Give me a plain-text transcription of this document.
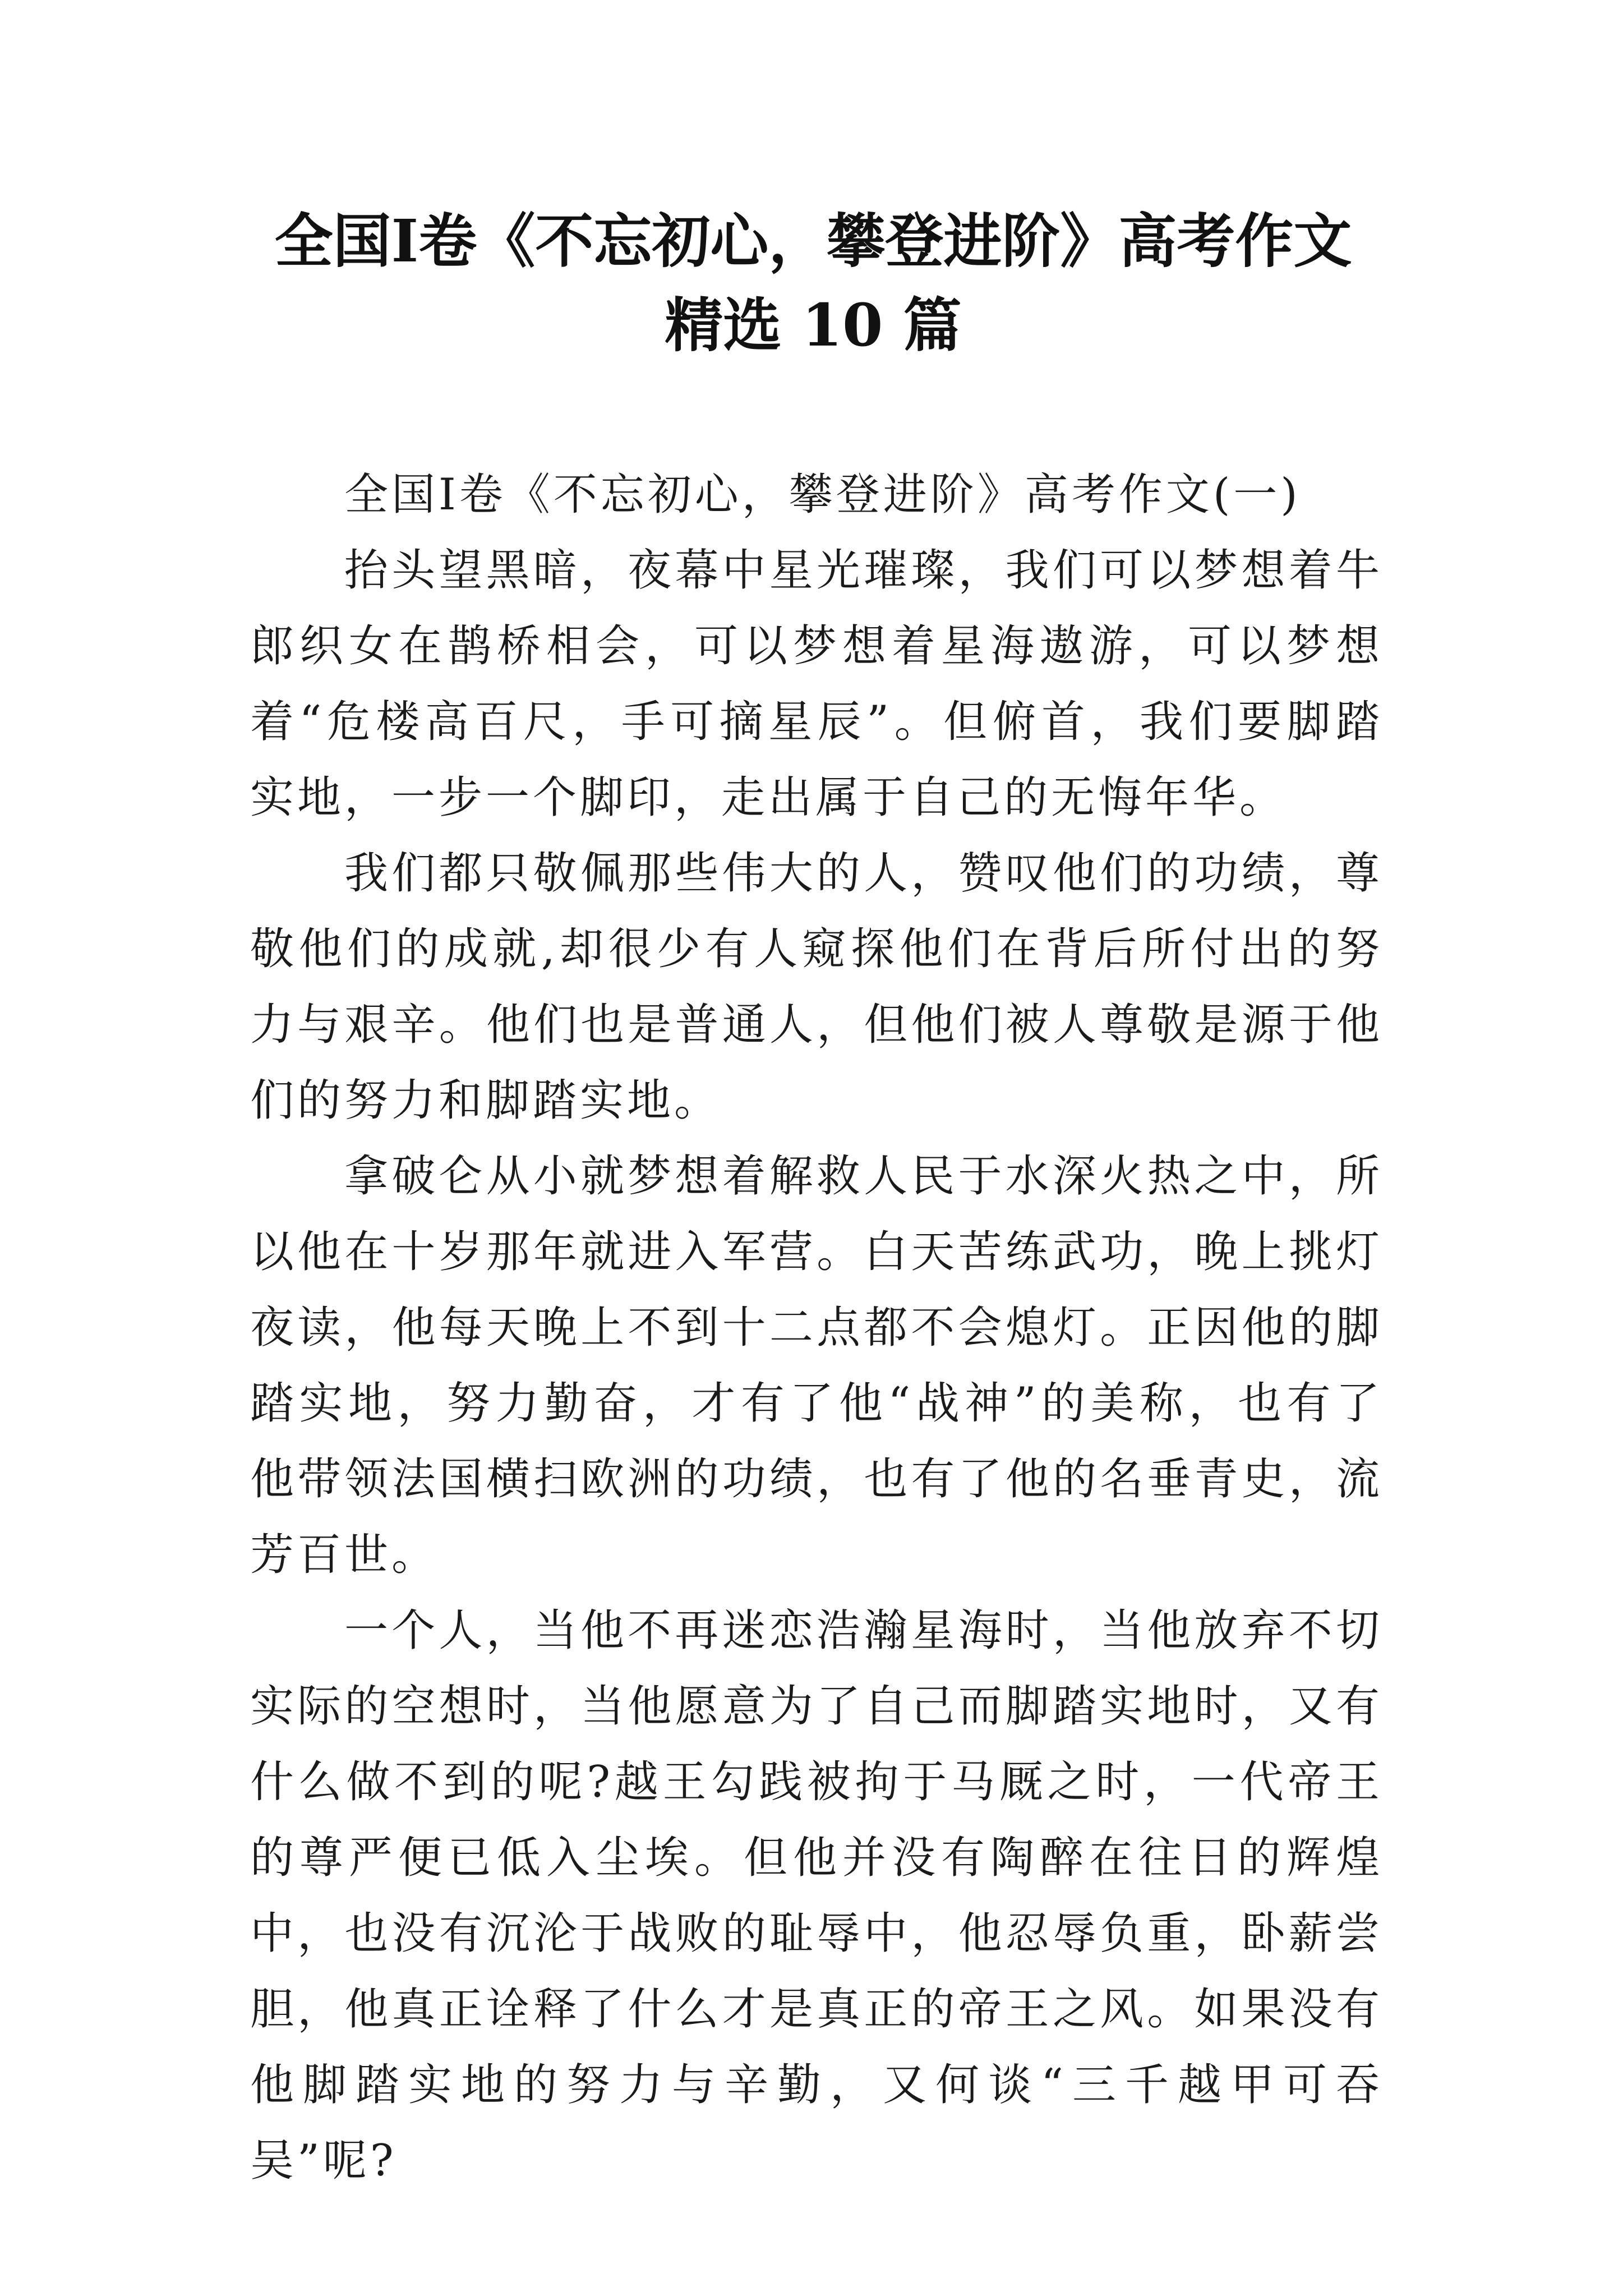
全国Ⅰ卷《不忘初心，攀登进阶》高考作文
精选 10 篇

全国Ⅰ卷《不忘初心，攀登进阶》高考作文(一)

抬头望黑暗，夜幕中星光璀璨，我们可以梦想着牛郎织女在鹊桥相会，可以梦想着星海遨游，可以梦想着“危楼高百尺，手可摘星辰”。但俯首，我们要脚踏实地，一步一个脚印，走出属于自己的无悔年华。

我们都只敬佩那些伟大的人，赞叹他们的功绩，尊敬他们的成就,却很少有人窥探他们在背后所付出的努力与艰辛。他们也是普通人，但他们被人尊敬是源于他们的努力和脚踏实地。

拿破仑从小就梦想着解救人民于水深火热之中，所以他在十岁那年就进入军营。白天苦练武功，晚上挑灯夜读，他每天晚上不到十二点都不会熄灯。正因他的脚踏实地，努力勤奋，才有了他“战神”的美称，也有了他带领法国横扫欧洲的功绩，也有了他的名垂青史，流芳百世。

一个人，当他不再迷恋浩瀚星海时，当他放弃不切实际的空想时，当他愿意为了自己而脚踏实地时，又有什么做不到的呢?越王勾践被拘于马厩之时，一代帝王的尊严便已低入尘埃。但他并没有陶醉在往日的辉煌中，也没有沉沦于战败的耻辱中，他忍辱负重，卧薪尝胆，他真正诠释了什么才是真正的帝王之风。如果没有他脚踏实地的努力与辛勤，又何谈“三千越甲可吞吴”呢?
